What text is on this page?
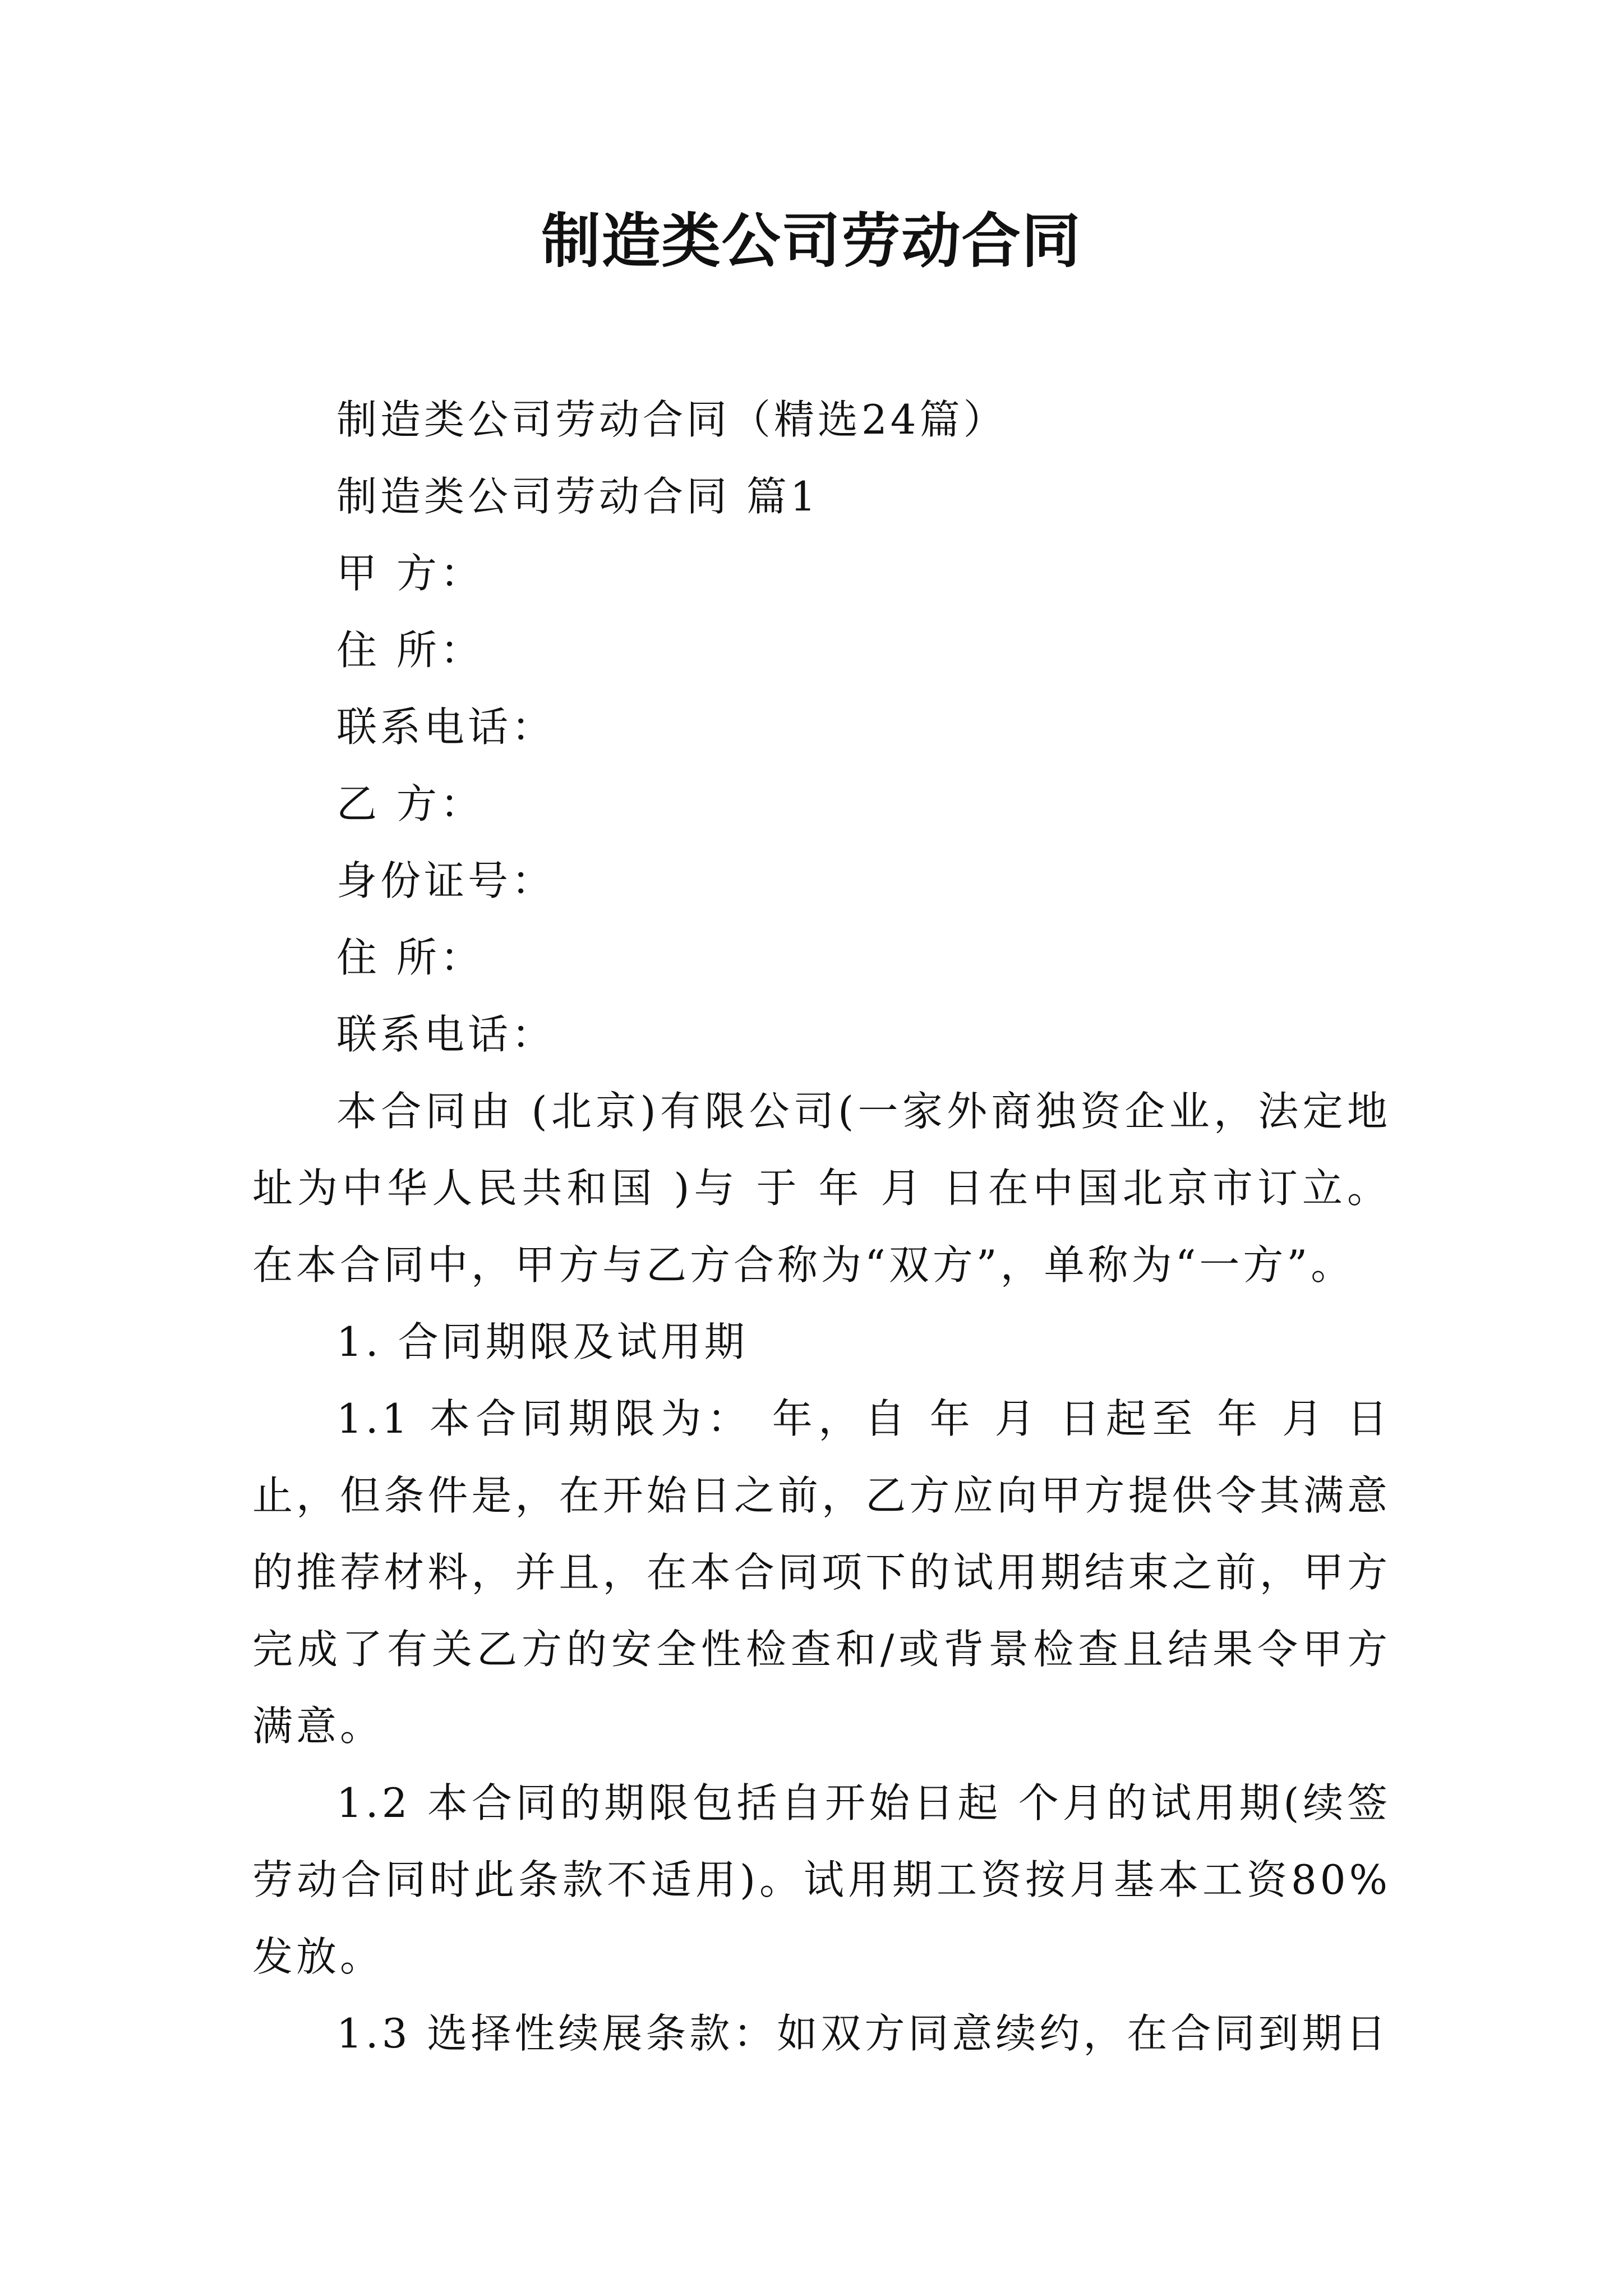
制造类公司劳动合同

制造类公司劳动合同（精选24篇）

制造类公司劳动合同 篇1

甲 方：

住 所：

联系电话：

乙 方：

身份证号：

住 所：

联系电话：

本合同由 (北京)有限公司(一家外商独资企业，法定地址为中华人民共和国 )与 于 年 月 日在中国北京市订立。在本合同中，甲方与乙方合称为“双方”，单称为“一方”。

1. 合同期限及试用期

1.1 本合同期限为： 年，自 年 月 日起至 年 月 日止，但条件是，在开始日之前，乙方应向甲方提供令其满意的推荐材料，并且，在本合同项下的试用期结束之前，甲方完成了有关乙方的安全性检查和/或背景检查且结果令甲方满意。

1.2 本合同的期限包括自开始日起 个月的试用期(续签劳动合同时此条款不适用)。试用期工资按月基本工资80%发放。

1.3 选择性续展条款：如双方同意续约，在合同到期日
